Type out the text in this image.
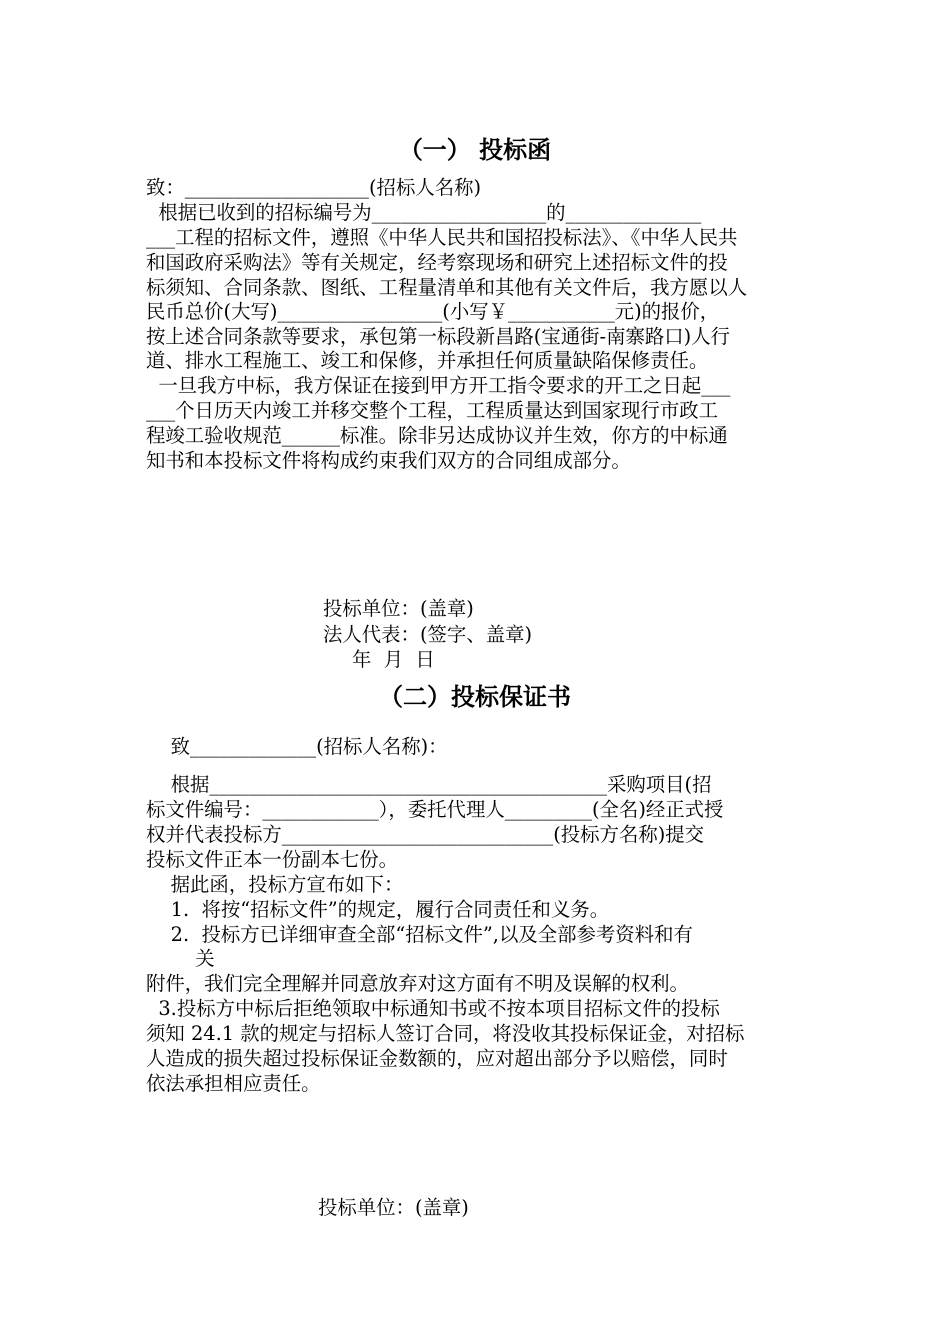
（一） 投标函
致：___________________(招标人名称)
根据已收到的招标编号为__________________的______________
___工程的招标文件，遵照《中华人民共和国招投标法》、《中华人民共
和国政府采购法》等有关规定，经考察现场和研究上述招标文件的投
标须知、合同条款、图纸、工程量清单和其他有关文件后，我方愿以人
民币总价(大写)_________________(小写￥___________元)的报价，
按上述合同条款等要求，承包第一标段新昌路(宝通街-南寨路口)人行
道、排水工程施工、竣工和保修，并承担任何质量缺陷保修责任。
一旦我方中标，我方保证在接到甲方开工指令要求的开工之日起___
___个日历天内竣工并移交整个工程，工程质量达到国家现行市政工
程竣工验收规范______标准。除非另达成协议并生效，你方的中标通
知书和本投标文件将构成约束我们双方的合同组成部分。
投标单位：(盖章)
法人代表：(签字、盖章)
年  月  日
（二）投标保证书
致_____________(招标人名称)：
根据_________________________________________采购项目(招
标文件编号：____________），委托代理人_________(全名)经正式授
权并代表投标方____________________________(投标方名称)提交
投标文件正本一份副本七份。
据此函，投标方宣布如下：
1.  将按“招标文件”的规定，履行合同责任和义务。
2.  投标方已详细审查全部“招标文件”,以及全部参考资料和有
关
附件，我们完全理解并同意放弃对这方面有不明及误解的权利。
3.投标方中标后拒绝领取中标通知书或不按本项目招标文件的投标
须知 24.1 款的规定与招标人签订合同，将没收其投标保证金，对招标
人造成的损失超过投标保证金数额的，应对超出部分予以赔偿，同时
依法承担相应责任。
投标单位：(盖章)
